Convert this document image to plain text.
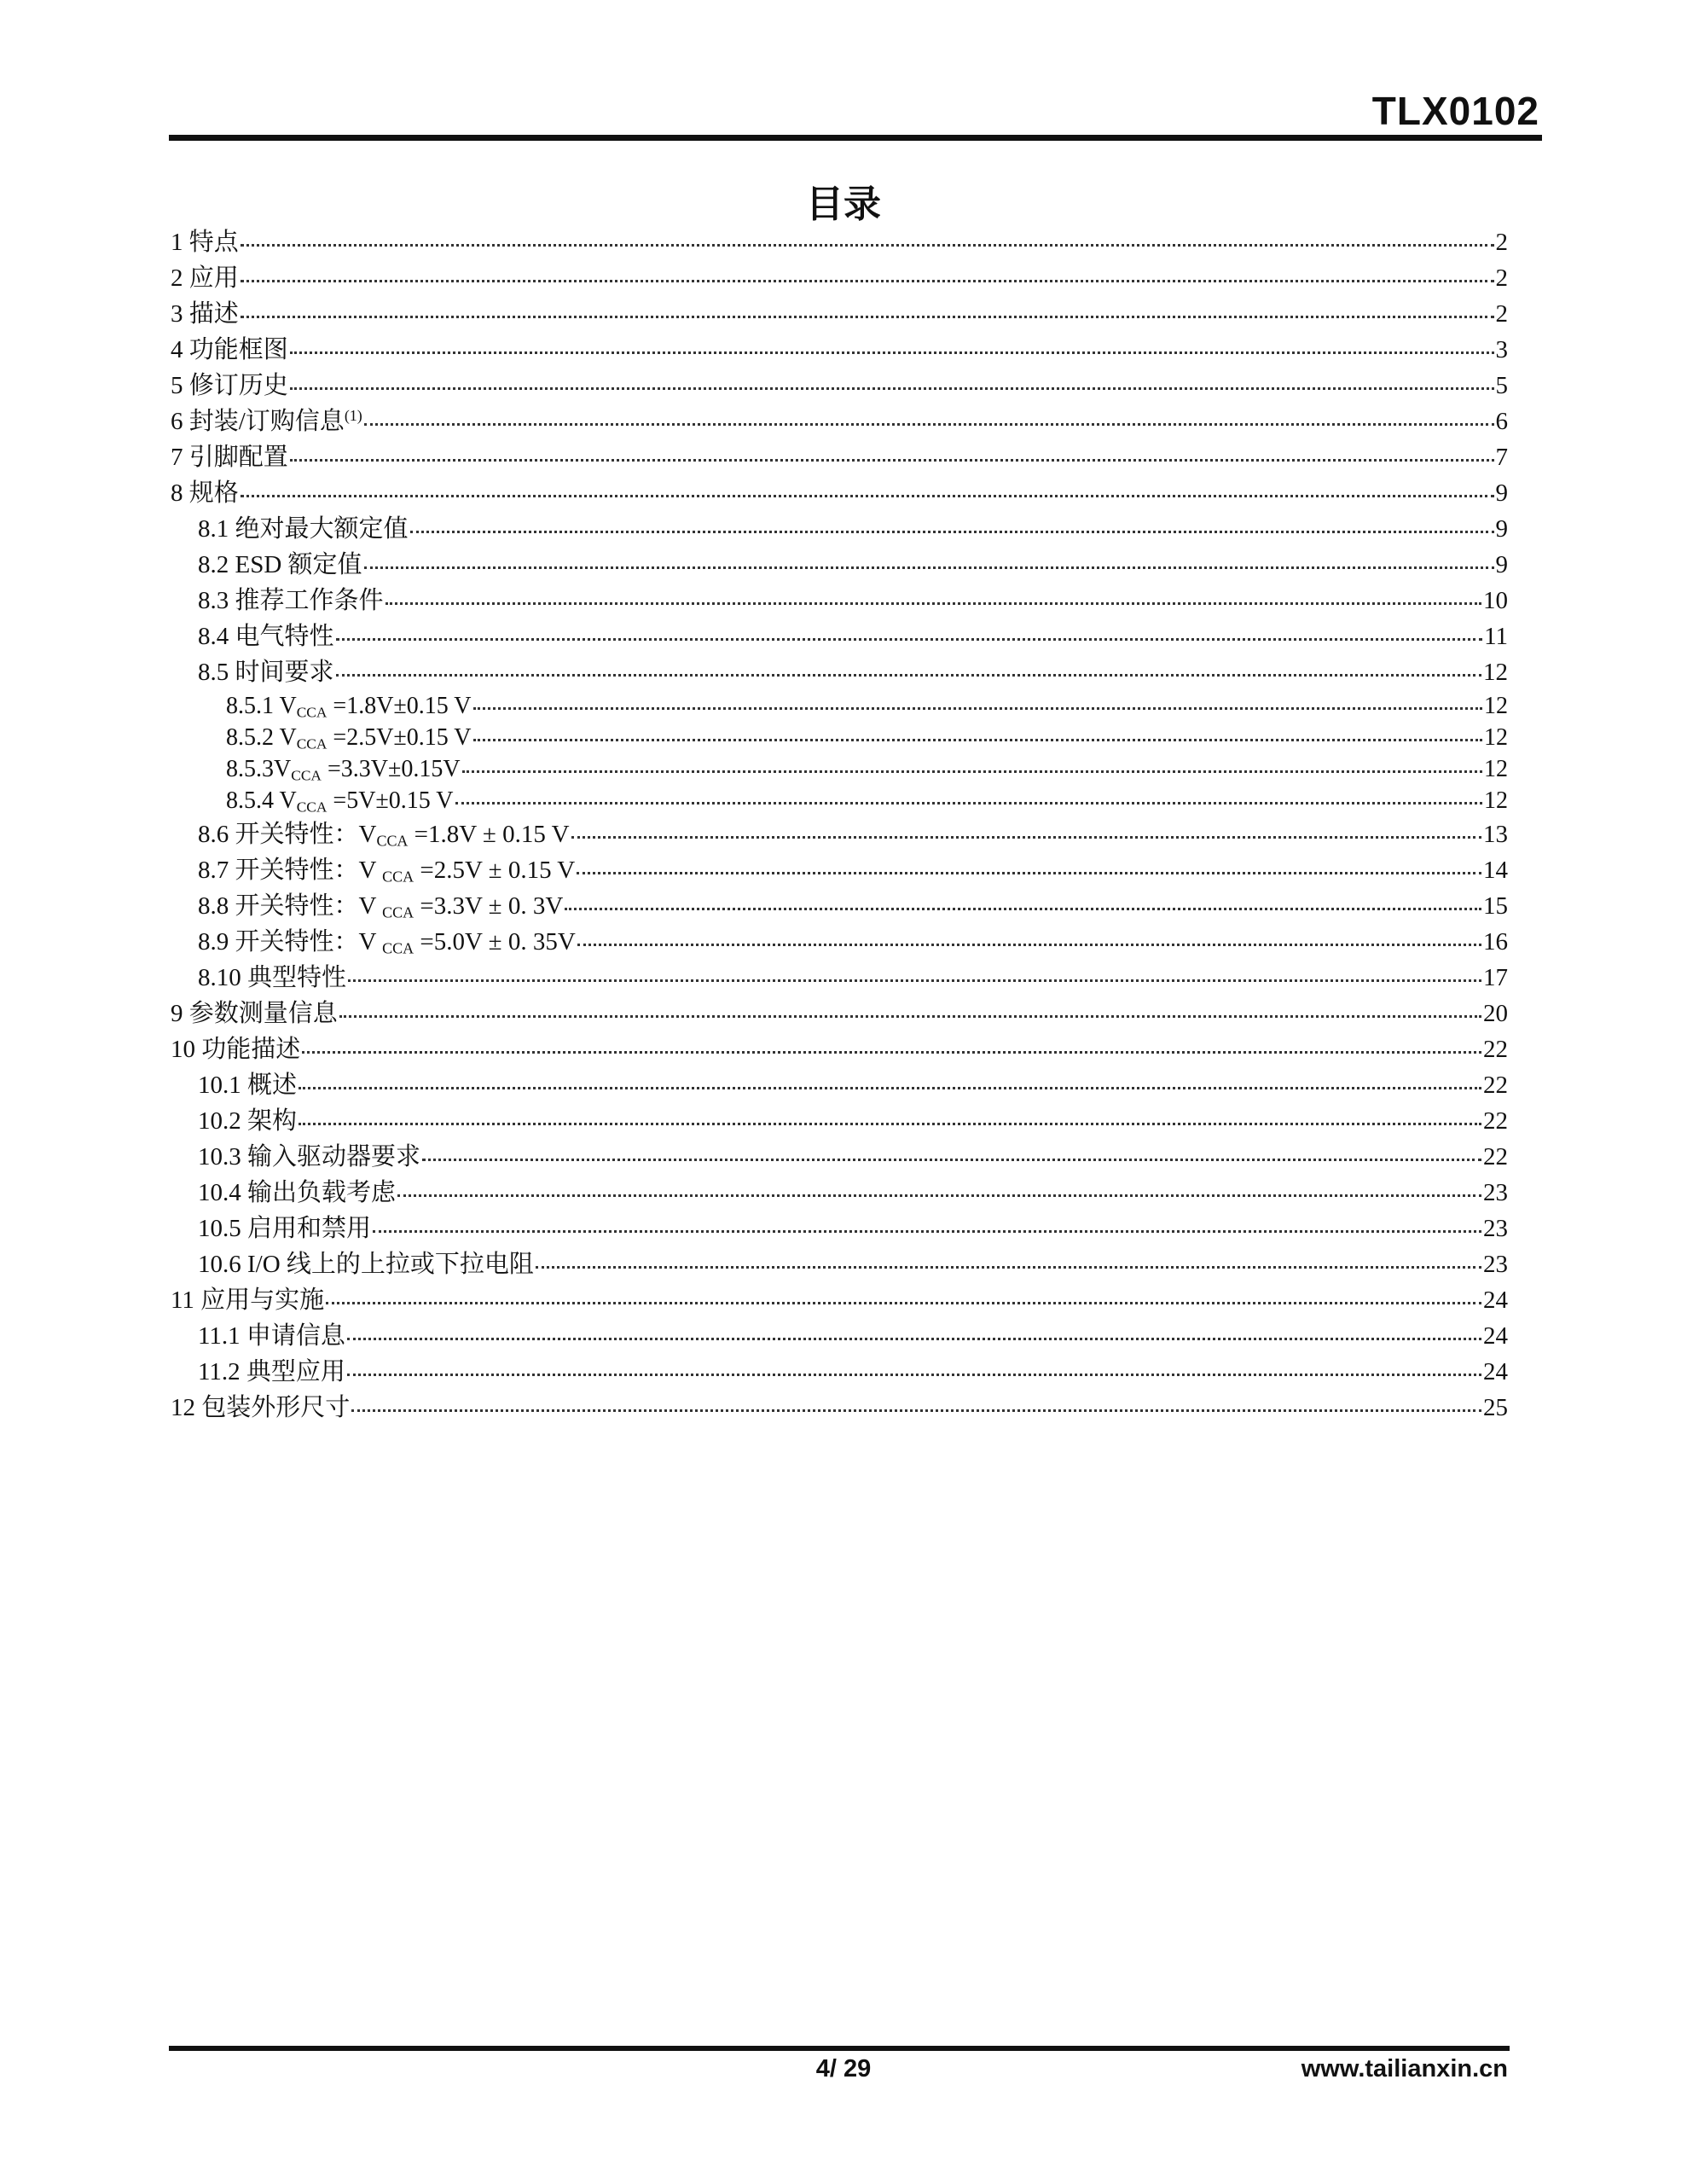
TLX0102
目录
1 特点	2
2 应用	2
3 描述	2
4 功能框图	3
5 修订历史	5
6 封装/订购信息$^{(1)}$	6
7 引脚配置	7
8 规格	9
8.1 绝对最大额定值	9
8.2 ESD 额定值	9
8.3 推荐工作条件	10
8.4 电气特性	11
8.5 时间要求	12
8.5.1 $V_{CCA} =1.8V\pm 0.15$ V	12
8.5.2 $V_{CCA} =2.5V\pm 0.15$ V	12
$8.5.3V_{CCA} =3.3V\pm 0.15V$	12
8.5.4 $V_{CCA} =5V\pm 0.15$ V	12
8.6 开关特性：$V_{CCA} =1.8V \pm 0.15$ V	13
8.7 开关特性：V $_{CCA}$ =2.5V ± 0.15 V	14
8.8 开关特性：V $_{CCA}$ =3.3V ± 0. 3V	15
8.9 开关特性：V $_{CCA}$ =5.0V ± 0. 35V	16
8.10 典型特性	17
9 参数测量信息	20
10 功能描述	22
10.1 概述	22
10.2 架构	22
10.3 输入驱动器要求	22
10.4 输出负载考虑	23
10.5 启用和禁用	23
10.6 I/O 线上的上拉或下拉电阻	23
11 应用与实施	24
11.1 申请信息	24
11.2 典型应用	24
12 包装外形尺寸	25
4/ 29	www.tailianxin.cn
